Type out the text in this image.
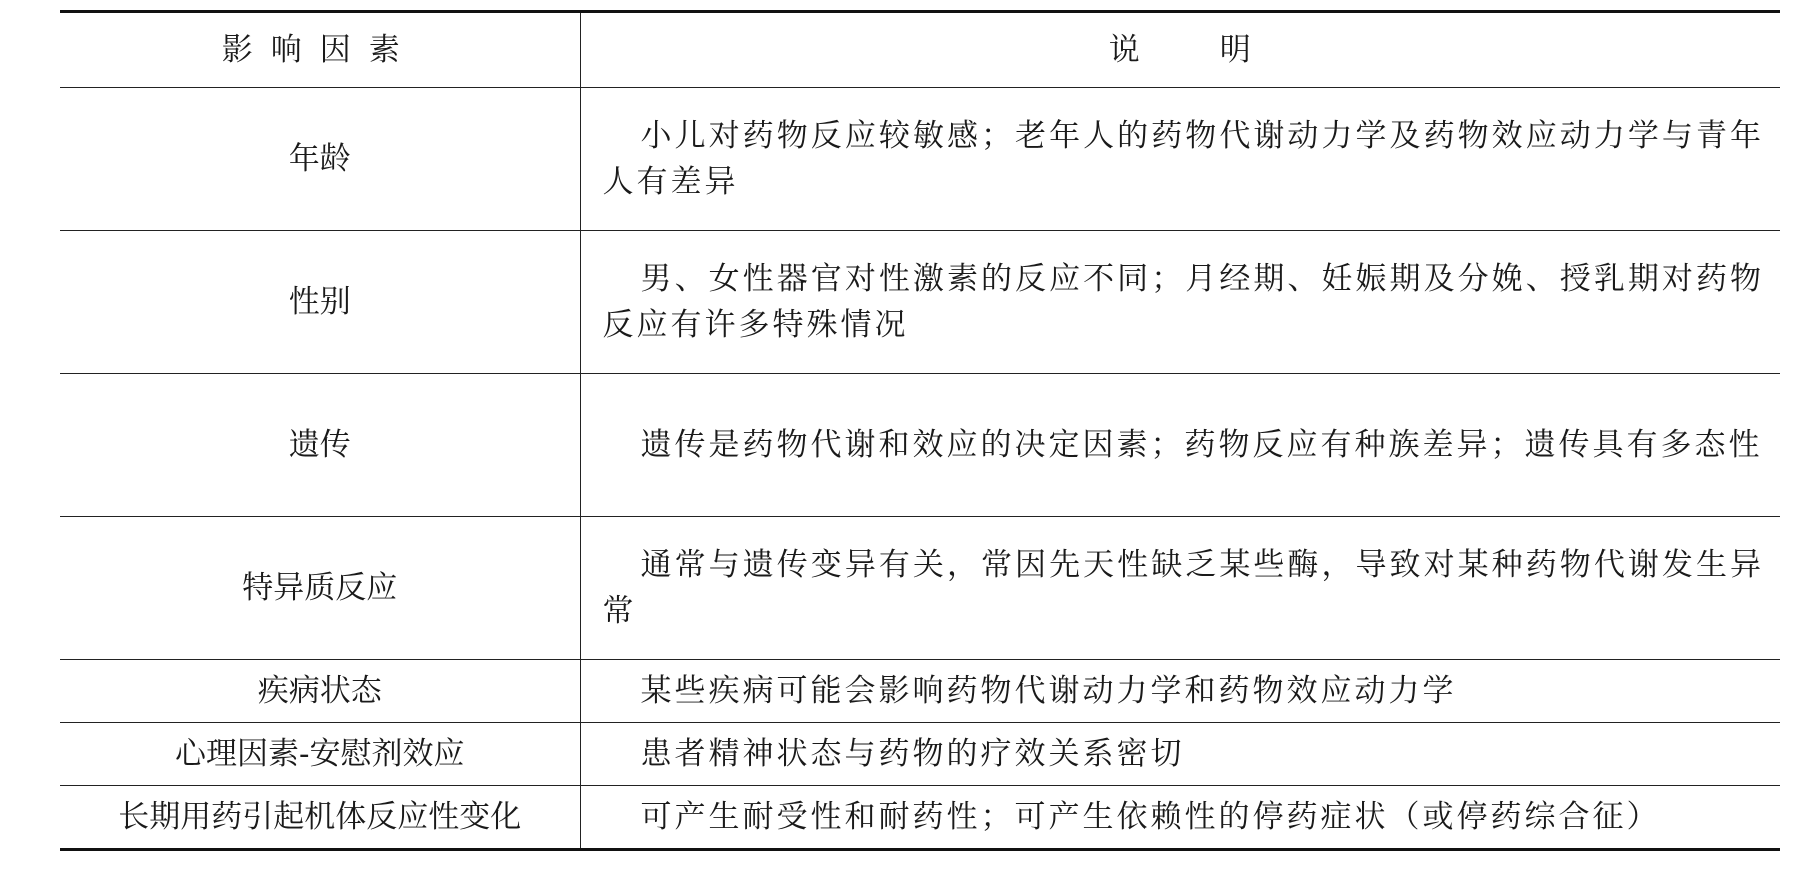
影响因素	说明
年龄	小儿对药物反应较敏感；老年人的药物代谢动力学及药物效应动力学与青年人有差异
性别	男、女性器官对性激素的反应不同；月经期、妊娠期及分娩、授乳期对药物反应有许多特殊情况
遗传	遗传是药物代谢和效应的决定因素；药物反应有种族差异；遗传具有多态性
特异质反应	通常与遗传变异有关，常因先天性缺乏某些酶，导致对某种药物代谢发生异常
疾病状态	某些疾病可能会影响药物代谢动力学和药物效应动力学
心理因素-安慰剂效应	患者精神状态与药物的疗效关系密切
长期用药引起机体反应性变化	可产生耐受性和耐药性；可产生依赖性的停药症状（或停药综合征）
